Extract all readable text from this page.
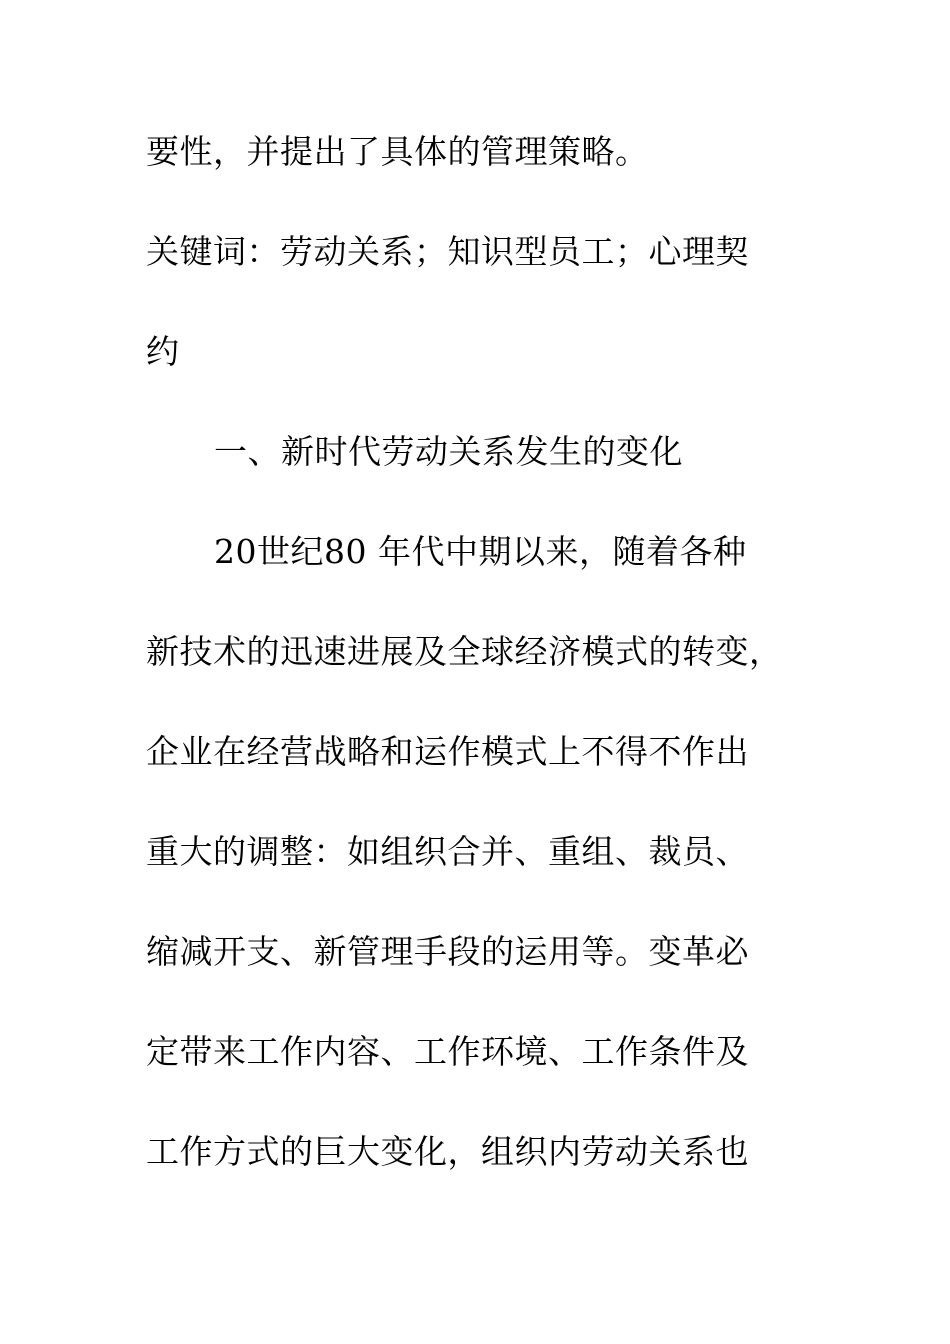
要性，并提出了具体的管理策略。
关键词：劳动关系；知识型员工；心理契
约
一、新时代劳动关系发生的变化
20世纪80 年代中期以来，随着各种
新技术的迅速进展及全球经济模式的转变，
企业在经营战略和运作模式上不得不作出
重大的调整：如组织合并、重组、裁员、
缩减开支、新管理手段的运用等。变革必
定带来工作内容、工作环境、工作条件及
工作方式的巨大变化，组织内劳动关系也
